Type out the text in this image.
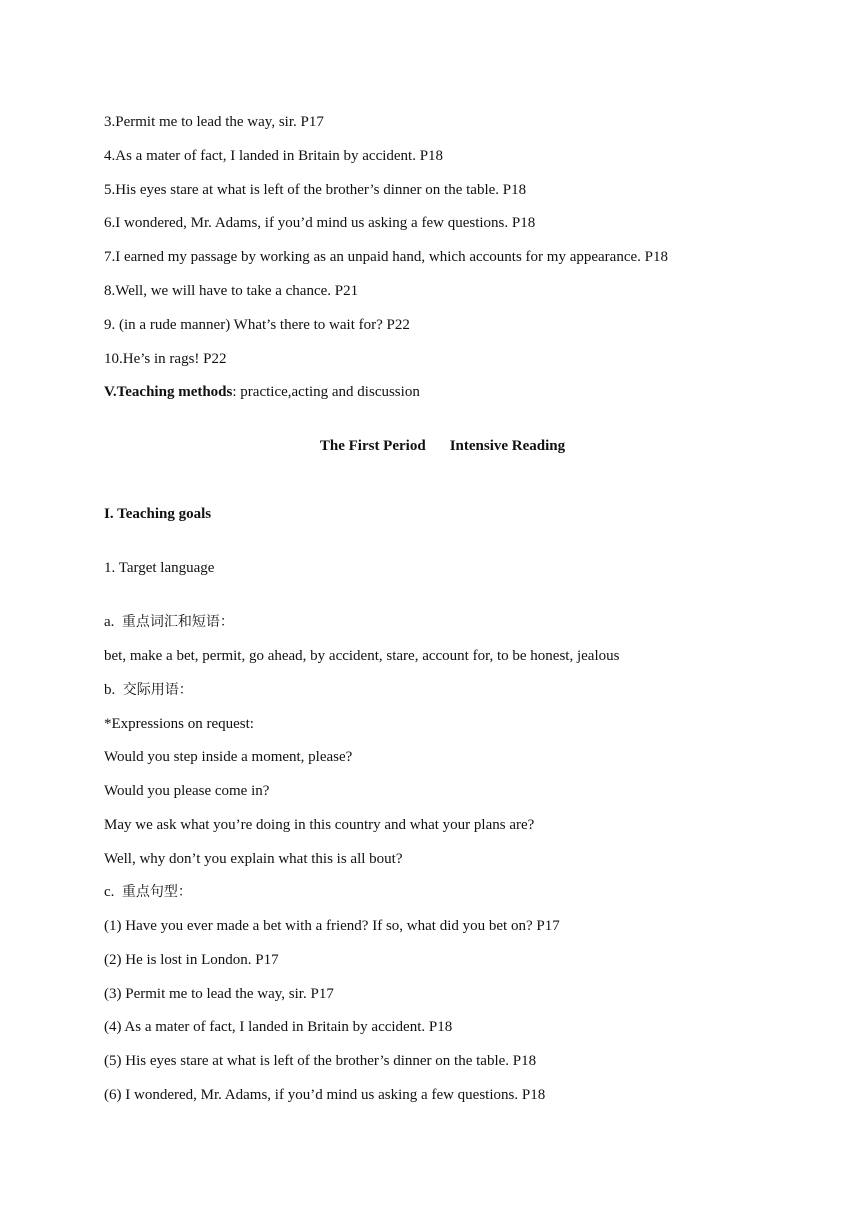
3.Permit me to lead the way, sir. P17
4.As a mater of fact, I landed in Britain by accident. P18
5.His eyes stare at what is left of the brother’s dinner on the table. P18
6.I wondered, Mr. Adams, if you’d mind us asking a few questions. P18
7.I earned my passage by working as an unpaid hand, which accounts for my appearance. P18
8.Well, we will have to take a chance. P21
9. (in a rude manner) What’s there to wait for? P22
10.He’s in rags! P22
V.Teaching methods: practice,acting and discussion
The First Period Intensive Reading
I. Teaching goals
1. Target language
a. 重点词汇和短语：
bet, make a bet, permit, go ahead, by accident, stare, account for, to be honest, jealous
b. 交际用语：
*Expressions on request:
Would you step inside a moment, please?
Would you please come in?
May we ask what you’re doing in this country and what your plans are?
Well, why don’t you explain what this is all bout?
c. 重点句型：
(1) Have you ever made a bet with a friend? If so, what did you bet on? P17
(2) He is lost in London. P17
(3) Permit me to lead the way, sir. P17
(4) As a mater of fact, I landed in Britain by accident. P18
(5) His eyes stare at what is left of the brother’s dinner on the table. P18
(6) I wondered, Mr. Adams, if you’d mind us asking a few questions. P18
